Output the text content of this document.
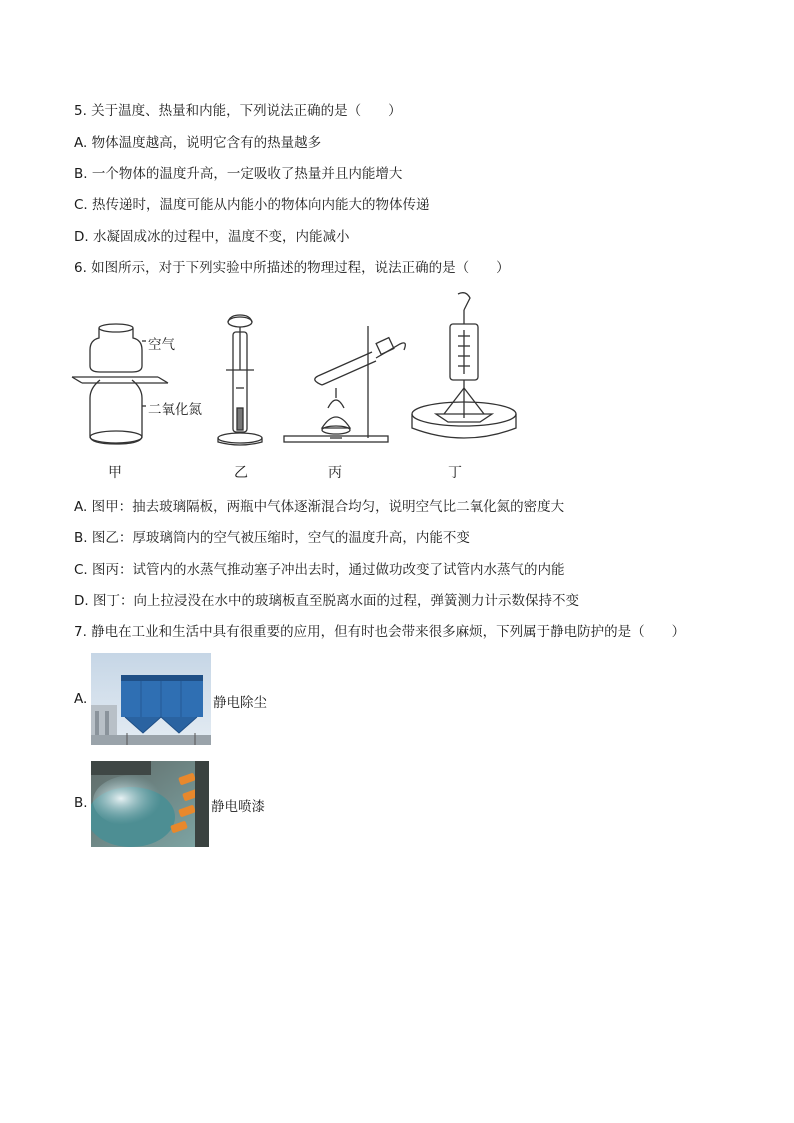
5. 关于温度、热量和内能，下列说法正确的是（　　）
A. 物体温度越高，说明它含有的热量越多
B. 一个物体的温度升高，一定吸收了热量并且内能增大
C. 热传递时，温度可能从内能小的物体向内能大的物体传递
D. 水凝固成冰的过程中，温度不变，内能减小
6. 如图所示，对于下列实验中所描述的物理过程，说法正确的是（　　）
空气
二氧化氮
甲	乙	丙	丁
A. 图甲：抽去玻璃隔板，两瓶中气体逐渐混合均匀，说明空气比二氧化氮的密度大
B. 图乙：厚玻璃筒内的空气被压缩时，空气的温度升高，内能不变
C. 图丙：试管内的水蒸气推动塞子冲出去时，通过做功改变了试管内水蒸气的内能
D. 图丁：向上拉浸没在水中的玻璃板直至脱离水面的过程，弹簧测力计示数保持不变
7. 静电在工业和生活中具有很重要的应用，但有时也会带来很多麻烦，下列属于静电防护的是（　　）
A.	静电除尘
B.	静电喷漆
